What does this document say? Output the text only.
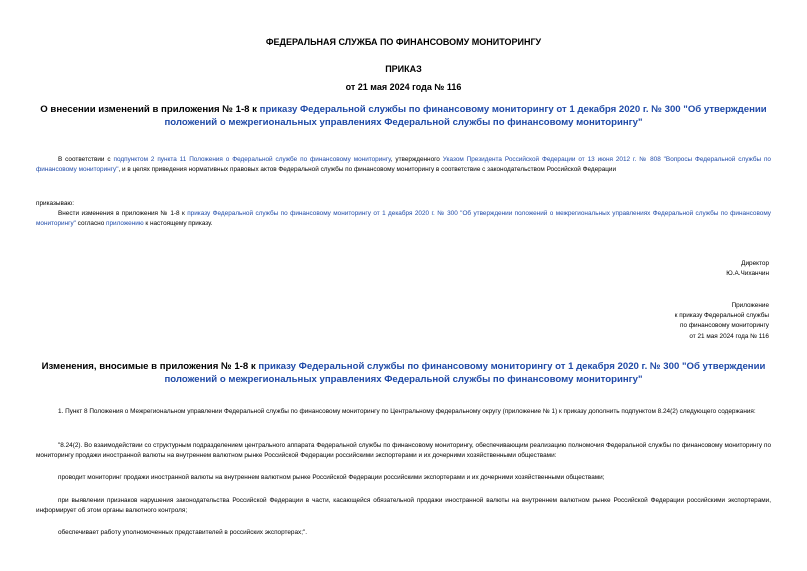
ФЕДЕРАЛЬНАЯ СЛУЖБА ПО ФИНАНСОВОМУ МОНИТОРИНГУ
ПРИКАЗ
от 21 мая 2024 года № 116
О внесении изменений в приложения № 1-8 к приказу Федеральной службы по финансовому мониторингу от 1 декабря 2020 г. № 300 "Об утверждении положений о межрегиональных управлениях Федеральной службы по финансовому мониторингу"
В соответствии с подпунктом 2 пункта 11 Положения о Федеральной службе по финансовому мониторингу, утвержденного Указом Президента Российской Федерации от 13 июня 2012 г. № 808 "Вопросы Федеральной службы по финансовому мониторингу", и в целях приведения нормативных правовых актов Федеральной службы по финансовому мониторингу в соответствие с законодательством Российской Федерации
приказываю:
Внести изменения в приложения № 1-8 к приказу Федеральной службы по финансовому мониторингу от 1 декабря 2020 г. № 300 "Об утверждении положений о межрегиональных управлениях Федеральной службы по финансовому мониторингу" согласно приложению к настоящему приказу.
Директор
Ю.А.Чиханчин
Приложение
к приказу Федеральной службы
по финансовому мониторингу
от 21 мая 2024 года № 116
Изменения, вносимые в приложения № 1-8 к приказу Федеральной службы по финансовому мониторингу от 1 декабря 2020 г. № 300 "Об утверждении положений о межрегиональных управлениях Федеральной службы по финансовому мониторингу"
1. Пункт 8 Положения о Межрегиональном управлении Федеральной службы по финансовому мониторингу по Центральному федеральному округу (приложение № 1) к приказу дополнить подпунктом 8.24(2) следующего содержания:
"8.24(2). Во взаимодействии со структурным подразделением центрального аппарата Федеральной службы по финансовому мониторингу, обеспечивающим реализацию полномочия Федеральной службы по финансовому мониторингу по мониторингу продажи иностранной валюты на внутреннем валютном рынке Российской Федерации российскими экспортерами и их дочерними хозяйственными обществами:
проводит мониторинг продажи иностранной валюты на внутреннем валютном рынке Российской Федерации российскими экспортерами и их дочерними хозяйственными обществами;
при выявлении признаков нарушения законодательства Российской Федерации в части, касающейся обязательной продажи иностранной валюты на внутреннем валютном рынке Российской Федерации российскими экспортерами, информирует об этом органы валютного контроля;
обеспечивает работу уполномоченных представителей в российских экспортерах;".
